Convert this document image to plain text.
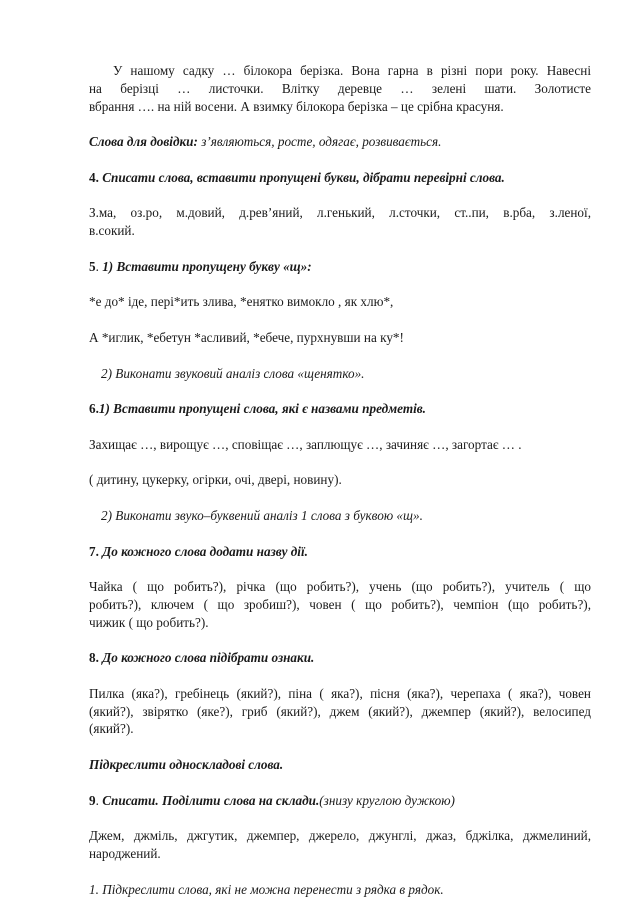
У нашому садку … білокора берізка. Вона гарна в різні пори року. Навесні

на берізці … листочки. Влітку деревце … зелені шати. Золотисте

вбрання …. на ній восени. А взимку білокора берізка – це срібна красуня.

Слова для довідки: з’являються, росте, одягає, розвивається.

4. Списати слова, вставити пропущені букви, дібрати перевірні слова.

З.ма, оз.ро, м.довий, д.рев’яний, л.генький, л.сточки, ст..пи, в.рба, з.леної,

в.сокий.

5. 1) Вставити пропущену букву «щ»:

*е до* іде, пері*ить злива, *енятко вимокло , як хлю*,

А *иглик, *ебетун *асливий, *ебече, пурхнувши на ку*!

2) Виконати звуковий аналіз слова «щенятко».

6.1) Вставити пропущені слова, які є назвами предметів.

Захищає …, вирощує …, сповіщає …, заплющує …, зачиняє …, загортає … .

( дитину, цукерку, огірки, очі, двері, новину).

2) Виконати звуко–буквений аналіз 1 слова з буквою «щ».

7. До кожного слова додати назву дії.

Чайка ( що робить?), річка (що робить?), учень (що робить?), учитель ( що

робить?), ключем ( що зробиш?), човен ( що робить?), чемпіон (що робить?),

чижик ( що робить?).

8. До кожного слова підібрати ознаки.

Пилка (яка?), гребінець (який?), піна ( яка?), пісня (яка?), черепаха ( яка?), човен

(який?), звірятко (яке?), гриб (який?), джем (який?), джемпер (який?), велосипед

(який?).

Підкреслити односкладові слова.

9. Списати. Поділити слова на склади.(знизу круглою дужкою)

Джем, джміль, джгутик, джемпер, джерело, джунглі, джаз, бджілка, джмелиний,

народжений.

1. Підкреслити слова, які не можна перенести з рядка в рядок.
